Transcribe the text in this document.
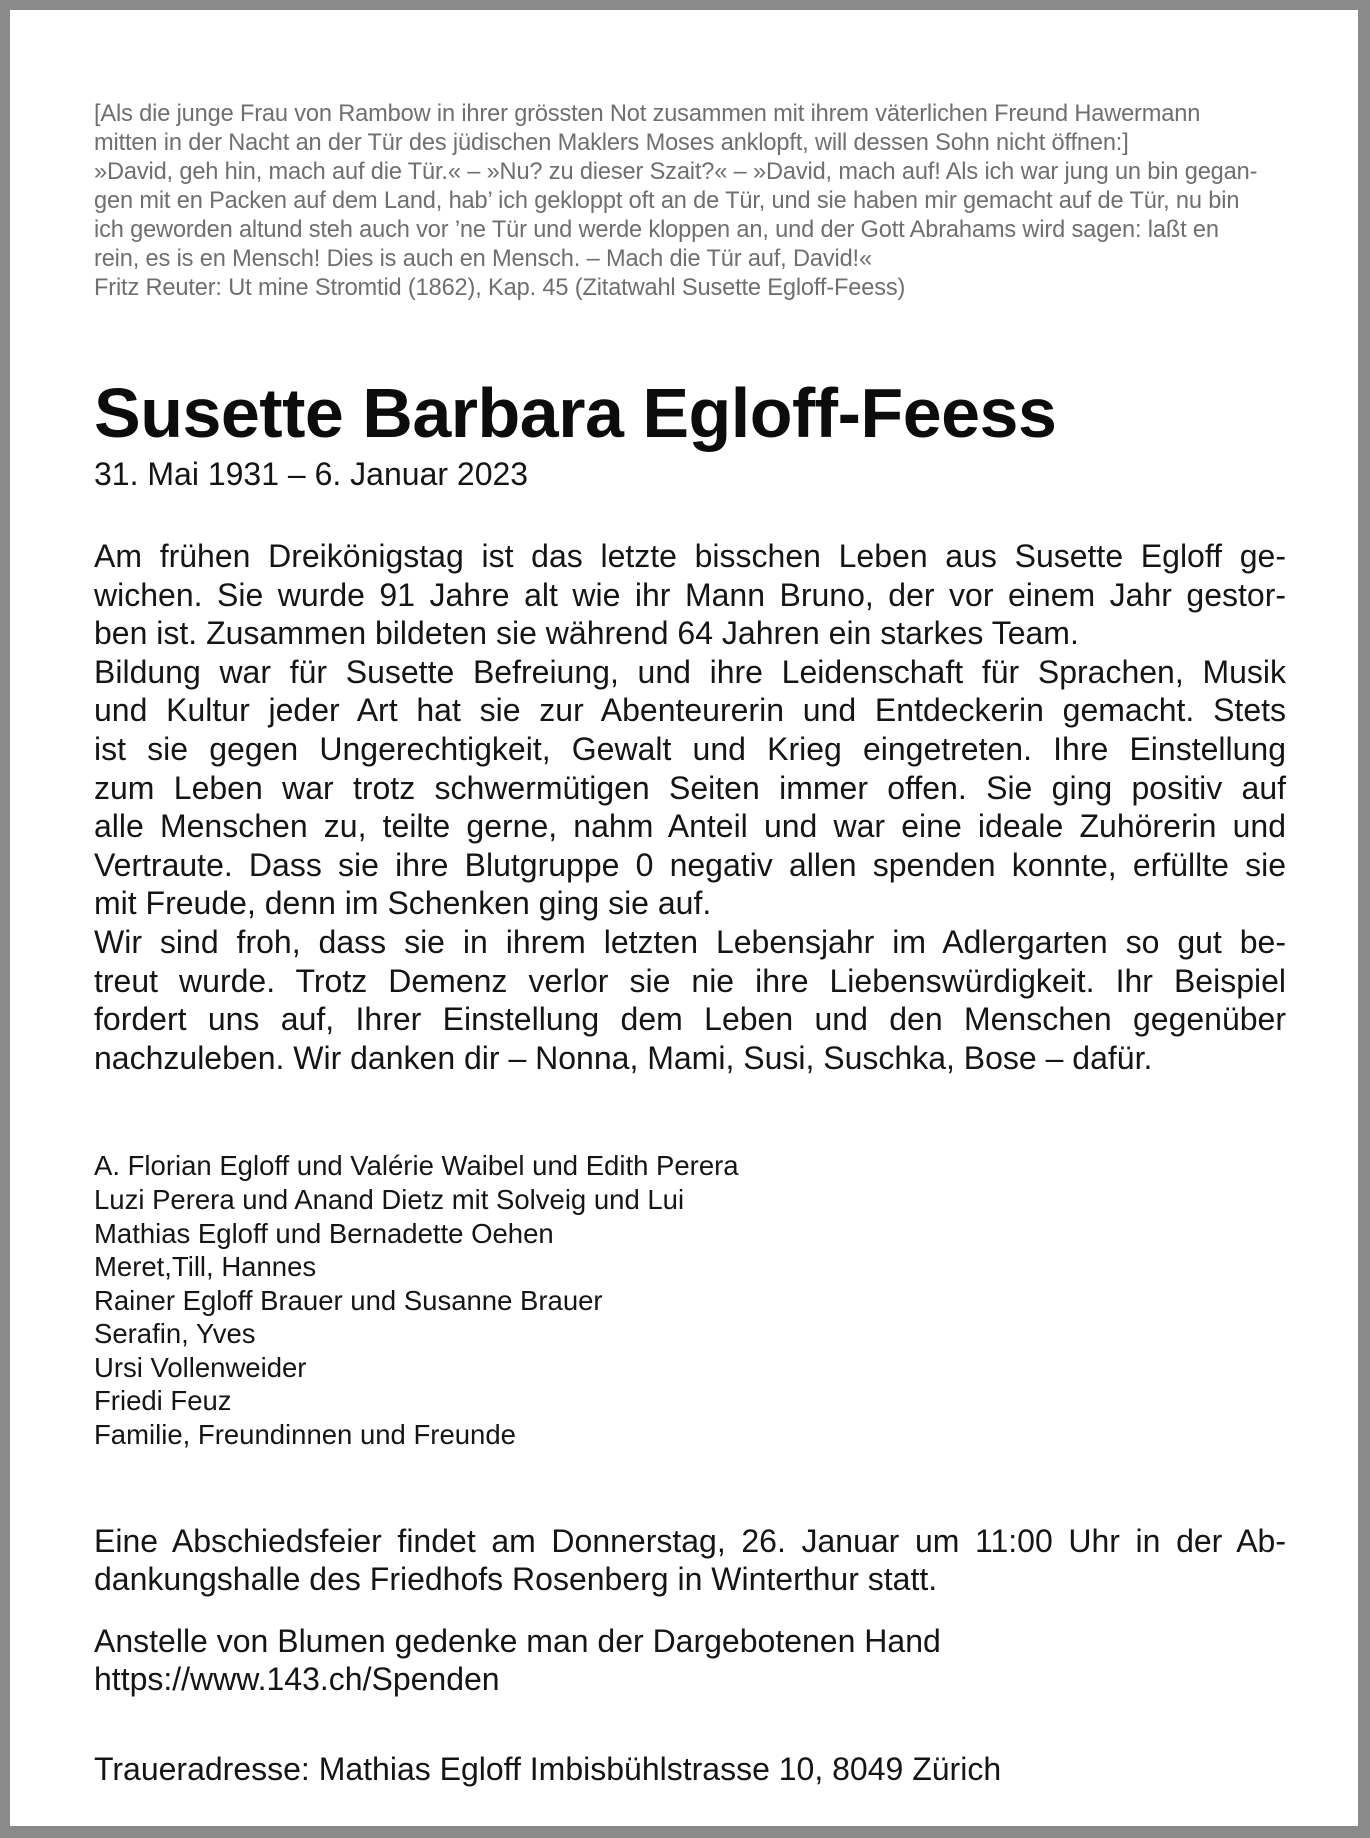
[Als die junge Frau von Rambow in ihrer grössten Not zusammen mit ihrem väterlichen Freund Hawermann
mitten in der Nacht an der Tür des jüdischen Maklers Moses anklopft, will dessen Sohn nicht öffnen:]
»David, geh hin, mach auf die Tür.« – »Nu? zu dieser Szait?« – »David, mach auf! Als ich war jung un bin gegan-
gen mit en Packen auf dem Land, hab’ ich gekloppt oft an de Tür, und sie haben mir gemacht auf de Tür, nu bin
ich geworden altund steh auch vor ’ne Tür und werde kloppen an, und der Gott Abrahams wird sagen: laßt en
rein, es is en Mensch! Dies is auch en Mensch. – Mach die Tür auf, David!«
Fritz Reuter: Ut mine Stromtid (1862), Kap. 45 (Zitatwahl Susette Egloff-Feess)
Susette Barbara Egloff-Feess
31. Mai 1931 – 6. Januar 2023
Am frühen Dreikönigstag ist das letzte bisschen Leben aus Susette Egloff ge-
wichen. Sie wurde 91 Jahre alt wie ihr Mann Bruno, der vor einem Jahr gestor-
ben ist. Zusammen bildeten sie während 64 Jahren ein starkes Team.
Bildung war für Susette Befreiung, und ihre Leidenschaft für Sprachen, Musik
und Kultur jeder Art hat sie zur Abenteurerin und Entdeckerin gemacht. Stets
ist sie gegen Ungerechtigkeit, Gewalt und Krieg eingetreten. Ihre Einstellung
zum Leben war trotz schwermütigen Seiten immer offen. Sie ging positiv auf
alle Menschen zu, teilte gerne, nahm Anteil und war eine ideale Zuhörerin und
Vertraute. Dass sie ihre Blutgruppe 0 negativ allen spenden konnte, erfüllte sie
mit Freude, denn im Schenken ging sie auf.
Wir sind froh, dass sie in ihrem letzten Lebensjahr im Adlergarten so gut be-
treut wurde. Trotz Demenz verlor sie nie ihre Liebenswürdigkeit. Ihr Beispiel
fordert uns auf, Ihrer Einstellung dem Leben und den Menschen gegenüber
nachzuleben. Wir danken dir – Nonna, Mami, Susi, Suschka, Bose – dafür.
A. Florian Egloff und Valérie Waibel und Edith Perera
Luzi Perera und Anand Dietz mit Solveig und Lui
Mathias Egloff und Bernadette Oehen
Meret,Till, Hannes
Rainer Egloff Brauer und Susanne Brauer
Serafin, Yves
Ursi Vollenweider
Friedi Feuz
Familie, Freundinnen und Freunde
Eine Abschiedsfeier findet am Donnerstag, 26. Januar um 11:00 Uhr in der Ab-
dankungshalle des Friedhofs Rosenberg in Winterthur statt.
Anstelle von Blumen gedenke man der Dargebotenen Hand
https://www.143.ch/Spenden
Traueradresse: Mathias Egloff Imbisbühlstrasse 10, 8049 Zürich
